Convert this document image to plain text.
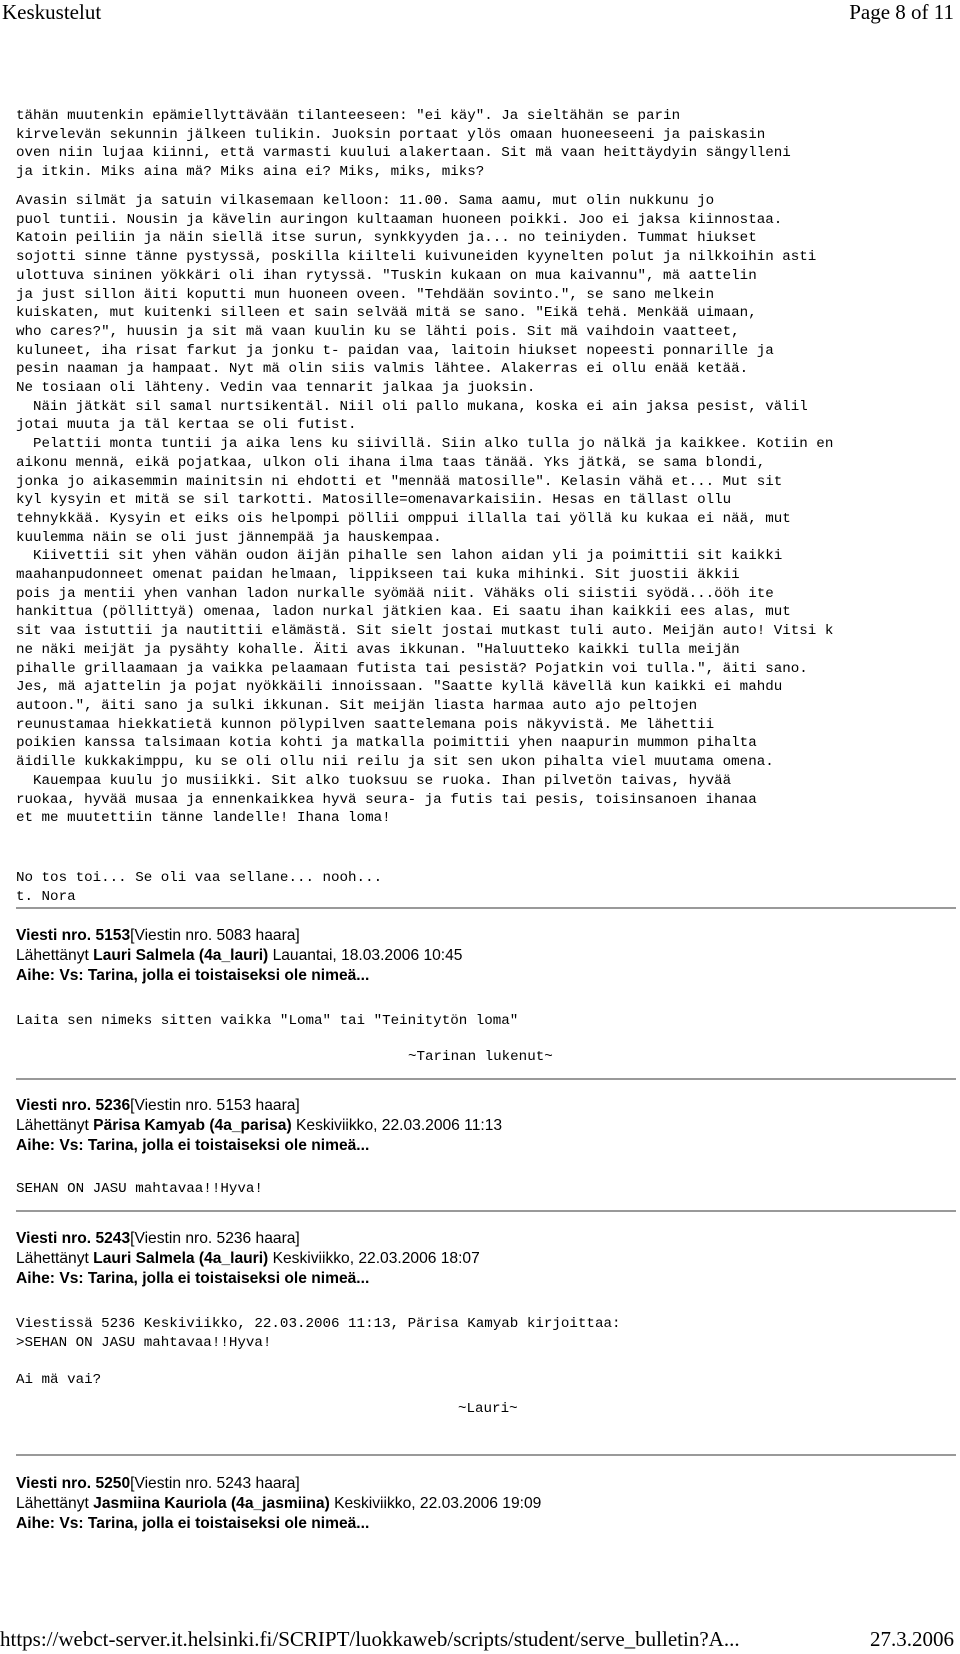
Keskustelut	Page 8 of 11
tähän muutenkin epämiellyttävään tilanteeseen: "ei käy". Ja sieltähän se parin
kirvelevän sekunnin jälkeen tulikin. Juoksin portaat ylös omaan huoneeseeni ja paiskasin
oven niin lujaa kiinni, että varmasti kuului alakertaan. Sit mä vaan heittäydyin sängylleni
ja itkin. Miks aina mä? Miks aina ei? Miks, miks, miks?
Avasin silmät ja satuin vilkasemaan kelloon: 11.00. Sama aamu, mut olin nukkunu jo
puol tuntii. Nousin ja kävelin auringon kultaaman huoneen poikki. Joo ei jaksa kiinnostaa.
Katoin peiliin ja näin siellä itse surun, synkkyyden ja... no teiniyden. Tummat hiukset
sojotti sinne tänne pystyssä, poskilla kiilteli kuivuneiden kyynelten polut ja nilkkoihin asti
ulottuva sininen yökkäri oli ihan rytyssä. "Tuskin kukaan on mua kaivannu", mä aattelin
ja just sillon äiti koputti mun huoneen oveen. "Tehdään sovinto.", se sano melkein
kuiskaten, mut kuitenki silleen et sain selvää mitä se sano. "Eikä tehä. Menkää uimaan,
who cares?", huusin ja sit mä vaan kuulin ku se lähti pois. Sit mä vaihdoin vaatteet,
kuluneet, iha risat farkut ja jonku t- paidan vaa, laitoin hiukset nopeesti ponnarille ja
pesin naaman ja hampaat. Nyt mä olin siis valmis lähtee. Alakerras ei ollu enää ketää.
Ne tosiaan oli lähteny. Vedin vaa tennarit jalkaa ja juoksin.
Näin jätkät sil samal nurtsikentäl. Niil oli pallo mukana, koska ei ain jaksa pesist, välil
jotai muuta ja täl kertaa se oli futist.
Pelattii monta tuntii ja aika lens ku siivillä. Siin alko tulla jo nälkä ja kaikkee. Kotiin en
aikonu mennä, eikä pojatkaa, ulkon oli ihana ilma taas tänää. Yks jätkä, se sama blondi,
jonka jo aikasemmin mainitsin ni ehdotti et "mennää matosille". Kelasin vähä et... Mut sit
kyl kysyin et mitä se sil tarkotti. Matosille=omenavarkaisiin. Hesas en tällast ollu
tehnykkää. Kysyin et eiks ois helpompi pöllii omppui illalla tai yöllä ku kukaa ei nää, mut
kuulemma näin se oli just jännempää ja hauskempaa.
Kiivettii sit yhen vähän oudon äijän pihalle sen lahon aidan yli ja poimittii sit kaikki
maahanpudonneet omenat paidan helmaan, lippikseen tai kuka mihinki. Sit juostii äkkii
pois ja mentii yhen vanhan ladon nurkalle syömää niit. Vähäks oli siistii syödä...ööh ite
hankittua (pöllittyä) omenaa, ladon nurkal jätkien kaa. Ei saatu ihan kaikkii ees alas, mut
sit vaa istuttii ja nautittii elämästä. Sit sielt jostai mutkast tuli auto. Meijän auto! Vitsi k
ne näki meijät ja pysähty kohalle. Äiti avas ikkunan. "Haluutteko kaikki tulla meijän
pihalle grillaamaan ja vaikka pelaamaan futista tai pesistä? Pojatkin voi tulla.", äiti sano.
Jes, mä ajattelin ja pojat nyökkäili innoissaan. "Saatte kyllä kävellä kun kaikki ei mahdu
autoon.", äiti sano ja sulki ikkunan. Sit meijän liasta harmaa auto ajo peltojen
reunustamaa hiekkatietä kunnon pölypilven saattelemana pois näkyvistä. Me lähettii
poikien kanssa talsimaan kotia kohti ja matkalla poimittii yhen naapurin mummon pihalta
äidille kukkakimppu, ku se oli ollu nii reilu ja sit sen ukon pihalta viel muutama omena.
Kauempaa kuulu jo musiikki. Sit alko tuoksuu se ruoka. Ihan pilvetön taivas, hyvää
ruokaa, hyvää musaa ja ennenkaikkea hyvä seura- ja futis tai pesis, toisinsanoen ihanaa
et me muutettiin tänne landelle! Ihana loma!
No tos toi... Se oli vaa sellane... nooh...
t. Nora
Viesti nro. 5153[Viestin nro. 5083 haara]
Lähettänyt Lauri Salmela (4a_lauri) Lauantai, 18.03.2006 10:45
Aihe: Vs: Tarina, jolla ei toistaiseksi ole nimeä...
Laita sen nimeks sitten vaikka "Loma" tai "Teinitytön loma"
~Tarinan lukenut~
Viesti nro. 5236[Viestin nro. 5153 haara]
Lähettänyt Pärisa Kamyab (4a_parisa) Keskiviikko, 22.03.2006 11:13
Aihe: Vs: Tarina, jolla ei toistaiseksi ole nimeä...
SEHAN ON JASU mahtavaa!!Hyva!
Viesti nro. 5243[Viestin nro. 5236 haara]
Lähettänyt Lauri Salmela (4a_lauri) Keskiviikko, 22.03.2006 18:07
Aihe: Vs: Tarina, jolla ei toistaiseksi ole nimeä...
Viestissä 5236 Keskiviikko, 22.03.2006 11:13, Pärisa Kamyab kirjoittaa:
>SEHAN ON JASU mahtavaa!!Hyva!

Ai mä vai?
~Lauri~
Viesti nro. 5250[Viestin nro. 5243 haara]
Lähettänyt Jasmiina Kauriola (4a_jasmiina) Keskiviikko, 22.03.2006 19:09
Aihe: Vs: Tarina, jolla ei toistaiseksi ole nimeä...
https://webct-server.it.helsinki.fi/SCRIPT/luokkaweb/scripts/student/serve_bulletin?A...	27.3.2006
